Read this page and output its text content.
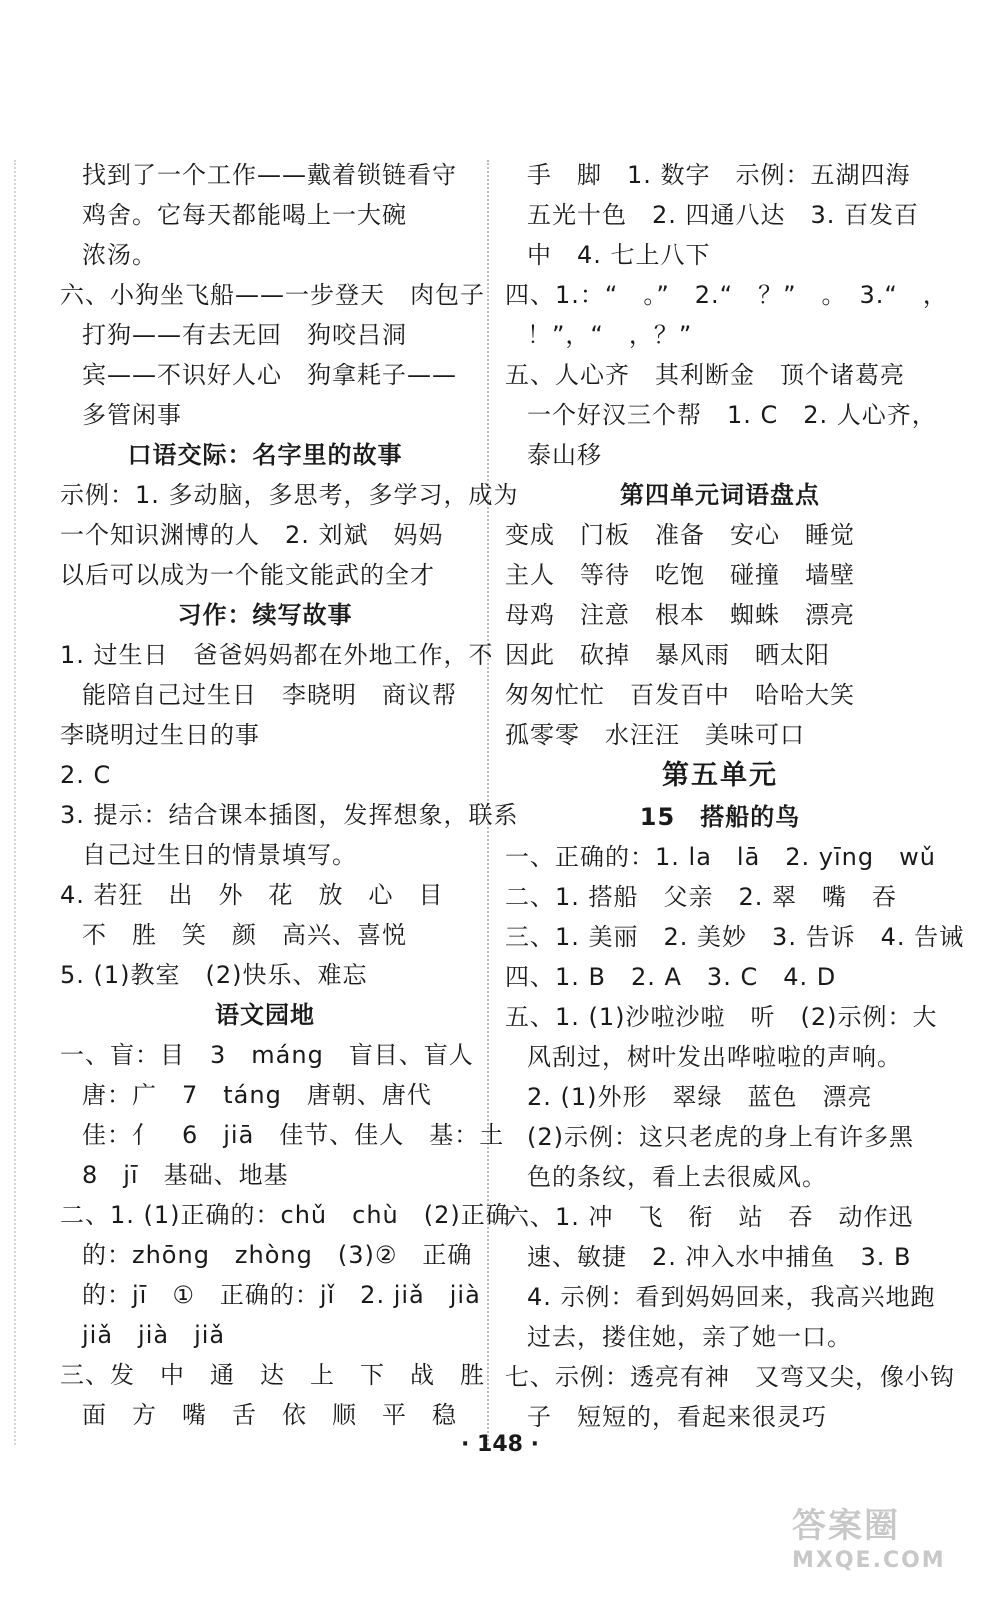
找到了一个工作——戴着锁链看守
鸡舍。它每天都能喝上一大碗
浓汤。
六、小狗坐飞船——一步登天　肉包子
打狗——有去无回　狗咬吕洞
宾——不识好人心　狗拿耗子——
多管闲事
口语交际：名字里的故事
示例：1. 多动脑，多思考，多学习，成为
一个知识渊博的人　2. 刘斌　妈妈
以后可以成为一个能文能武的全才
习作：续写故事
1. 过生日　爸爸妈妈都在外地工作，不
能陪自己过生日　李晓明　商议帮
李晓明过生日的事
2. C
3. 提示：结合课本插图，发挥想象，联系
自己过生日的情景填写。
4. 若狂　出　外　花　放　心　目
不　胜　笑　颜　高兴、喜悦
5. (1)教室　(2)快乐、难忘
语文园地
一、盲：目　3　máng　盲目、盲人
唐：广　7　táng　唐朝、唐代
佳：亻　6　jiā　佳节、佳人　基：土
8　jī　基础、地基
二、1. (1)正确的：chǔ　chù　(2)正确
的：zhōng　zhòng　(3)②　正确
的：jī　①　正确的：jǐ　2. jiǎ　jià
jiǎ　jià　jiǎ
三、发　中　通　达　上　下　战　胜
面　方　嘴　舌　依　顺　平　稳
手　脚　1. 数字　示例：五湖四海
五光十色　2. 四通八达　3. 百发百
中　4. 七上八下
四、1.：“　。”　2.“　？”　。　3.“　，
！”，“　，？”
五、人心齐　其利断金　顶个诸葛亮
一个好汉三个帮　1. C　2. 人心齐，
泰山移
第四单元词语盘点
变成　门板　准备　安心　睡觉
主人　等待　吃饱　碰撞　墙壁
母鸡　注意　根本　蜘蛛　漂亮
因此　砍掉　暴风雨　晒太阳
匆匆忙忙　百发百中　哈哈大笑
孤零零　水汪汪　美味可口
第五单元
15　搭船的鸟
一、正确的：1. la　lā　2. yīng　wǔ
二、1. 搭船　父亲　2. 翠　嘴　吞
三、1. 美丽　2. 美妙　3. 告诉　4. 告诫
四、1. B　2. A　3. C　4. D
五、1. (1)沙啦沙啦　听　(2)示例：大
风刮过，树叶发出哗啦啦的声响。
2. (1)外形　翠绿　蓝色　漂亮
(2)示例：这只老虎的身上有许多黑
色的条纹，看上去很威风。
六、1. 冲　飞　衔　站　吞　动作迅
速、敏捷　2. 冲入水中捕鱼　3. B
4. 示例：看到妈妈回来，我高兴地跑
过去，搂住她，亲了她一口。
七、示例：透亮有神　又弯又尖，像小钩
子　短短的，看起来很灵巧
· 148 ·
答案圈
MXQE.COM
